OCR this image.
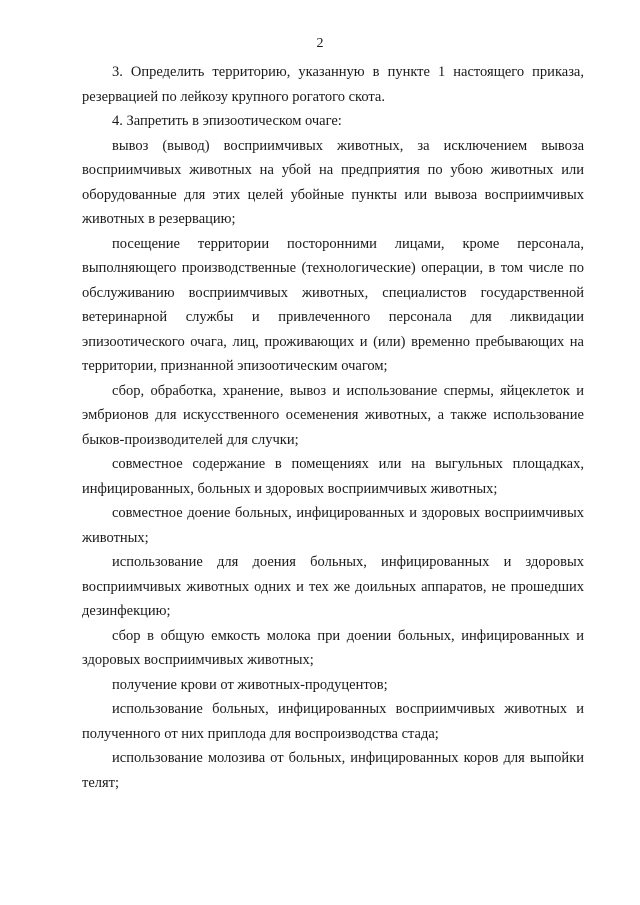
2

3. Определить территорию, указанную в пункте 1 настоящего приказа, резервацией по лейкозу крупного рогатого скота.

4. Запретить в эпизоотическом очаге:

вывоз (вывод) восприимчивых животных, за исключением вывоза восприимчивых животных на убой на предприятия по убою животных или оборудованные для этих целей убойные пункты или вывоза восприимчивых животных в резервацию;

посещение территории посторонними лицами, кроме персонала, выполняющего производственные (технологические) операции, в том числе по обслуживанию восприимчивых животных, специалистов государственной ветеринарной службы и привлеченного персонала для ликвидации эпизоотического очага, лиц, проживающих и (или) временно пребывающих на территории, признанной эпизоотическим очагом;

сбор, обработка, хранение, вывоз и использование спермы, яйцеклеток и эмбрионов для искусственного осеменения животных, а также использование быков-производителей для случки;

совместное содержание в помещениях или на выгульных площадках, инфицированных, больных и здоровых восприимчивых животных;

совместное доение больных, инфицированных и здоровых восприимчивых животных;

использование для доения больных, инфицированных и здоровых восприимчивых животных одних и тех же доильных аппаратов, не прошедших дезинфекцию;

сбор в общую емкость молока при доении больных, инфицированных и здоровых восприимчивых животных;

получение крови от животных-продуцентов;

использование больных, инфицированных восприимчивых животных и полученного от них приплода для воспроизводства стада;

использование молозива от больных, инфицированных коров для выпойки телят;
